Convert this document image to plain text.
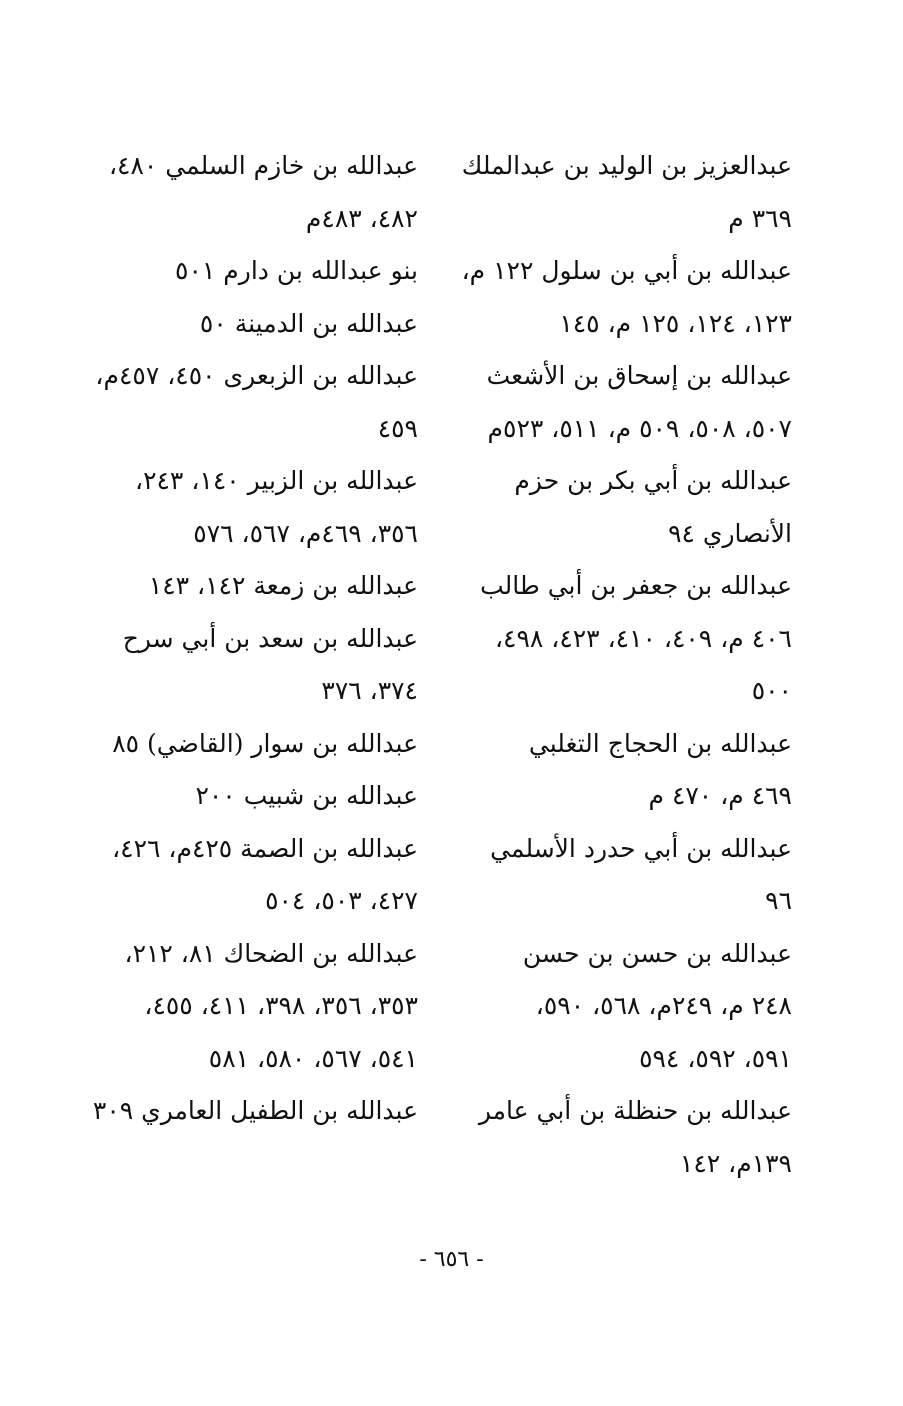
عبدالعزيز بن الوليد بن عبدالملك
٣٦٩ م
عبدالله بن أبي بن سلول ١٢٢ م،
١٢٣، ١٢٤، ١٢٥ م، ١٤٥
عبدالله بن إسحاق بن الأشعث
٥٠٧، ٥٠٨، ٥٠٩ م، ٥١١، ٥٢٣م
عبدالله بن أبي بكر بن حزم
الأنصاري ٩٤
عبدالله بن جعفر بن أبي طالب
٤٠٦ م، ٤٠٩، ٤١٠، ٤٢٣، ٤٩٨،
٥٠٠
عبدالله بن الحجاج التغلبي
٤٦٩ م، ٤٧٠ م
عبدالله بن أبي حدرد الأسلمي
٩٦
عبدالله بن حسن بن حسن
٢٤٨ م، ٢٤٩م، ٥٦٨، ٥٩٠،
٥٩١، ٥٩٢، ٥٩٤
عبدالله بن حنظلة بن أبي عامر
١٣٩م، ١٤٢
عبدالله بن خازم السلمي ٤٨٠،
٤٨٢، ٤٨٣م
بنو عبدالله بن دارم ٥٠١
عبدالله بن الدمينة ٥٠
عبدالله بن الزبعرى ٤٥٠، ٤٥٧م،
٤٥٩
عبدالله بن الزبير ١٤٠، ٢٤٣،
٣٥٦، ٤٦٩م، ٥٦٧، ٥٧٦
عبدالله بن زمعة ١٤٢، ١٤٣
عبدالله بن سعد بن أبي سرح
٣٧٤، ٣٧٦
عبدالله بن سوار (القاضي) ٨٥
عبدالله بن شبيب ٢٠٠
عبدالله بن الصمة ٤٢٥م، ٤٢٦،
٤٢٧، ٥٠٣، ٥٠٤
عبدالله بن الضحاك ٨١، ٢١٢،
٣٥٣، ٣٥٦، ٣٩٨، ٤١١، ٤٥٥،
٥٤١، ٥٦٧، ٥٨٠، ٥٨١
عبدالله بن الطفيل العامري ٣٠٩
- ٦٥٦ -
